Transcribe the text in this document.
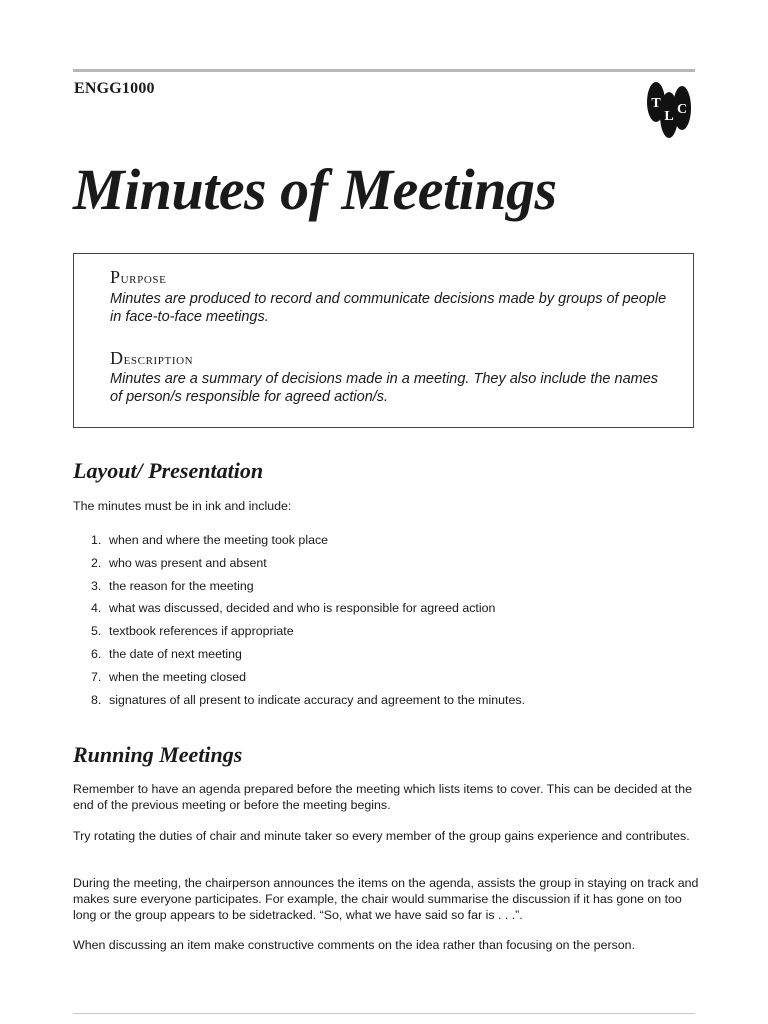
ENGG1000
T
L C
Minutes of Meetings
Purpose

Minutes are produced to record and communicate decisions made by groups of people in face-to-face meetings.

Description

Minutes are a summary of decisions made in a meeting. They also include the names of person/s responsible for agreed action/s.

Layout/ Presentation

The minutes must be in ink and include:

1. when and where the meeting took place
2. who was present and absent
3. the reason for the meeting
4. what was discussed, decided and who is responsible for agreed action
5. textbook references if appropriate
6. the date of next meeting
7. when the meeting closed
8. signatures of all present to indicate accuracy and agreement to the minutes.
Running Meetings

Remember to have an agenda prepared before the meeting which lists items to cover. This can be decided at the end of the previous meeting or before the meeting begins.

Try rotating the duties of chair and minute taker so every member of the group gains experience and contributes.

During the meeting, the chairperson announces the items on the agenda, assists the group in staying on track and makes sure everyone participates. For example, the chair would summarise the discussion if it has gone on too long or the group appears to be sidetracked. “So, what we have said so far is . . .”.

When discussing an item make constructive comments on the idea rather than focusing on the person.
